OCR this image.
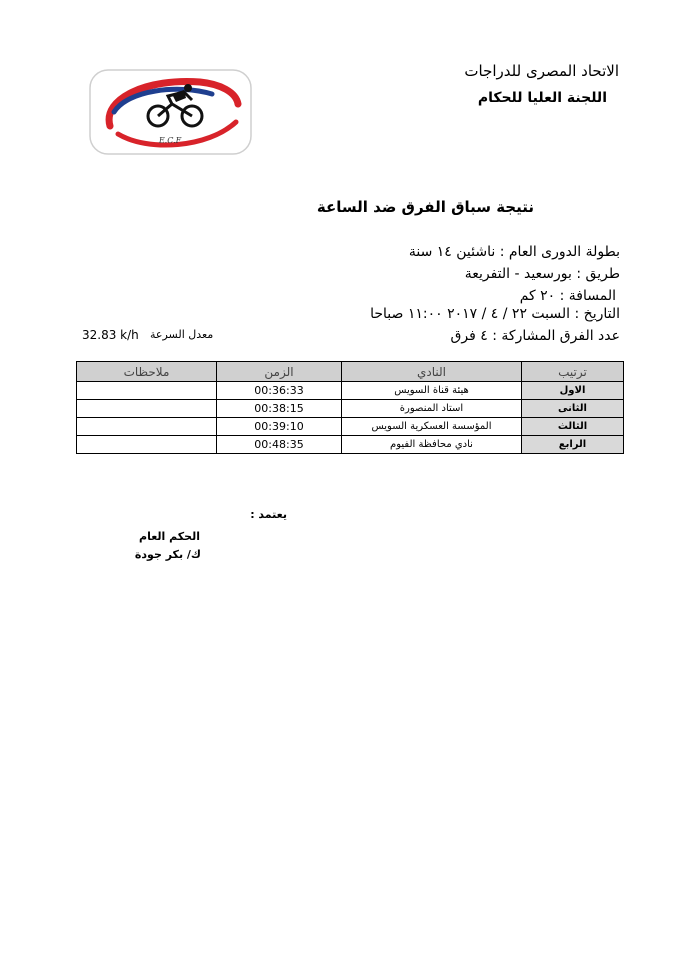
E.C.F
الاتحاد المصرى للدراجات
اللجنة العليا للحكام
نتيجة سباق الفرق ضد الساعة
بطولة الدورى العام : ناشئين ١٤ سنة
طريق : بورسعيد - التفريعة
المسافة : ٢٠ كم
التاريخ : السبت ٢٢ / ٤ / ٢٠١٧ ١١:٠٠ صباحا
عدد الفرق المشاركة : ٤ فرق
معدل السرعة
32.83 k/h
ترتيب	النادي	الزمن	ملاحظات
الاول	هيئة قناة السويس	00:36:33	
الثانى	استاد المنصورة	00:38:15	
الثالث	المؤسسة العسكرية السويس	00:39:10	
الرابع	نادي محافظة الفيوم	00:48:35	
يعتمد :
الحكم العام
ك/ بكر جودة
